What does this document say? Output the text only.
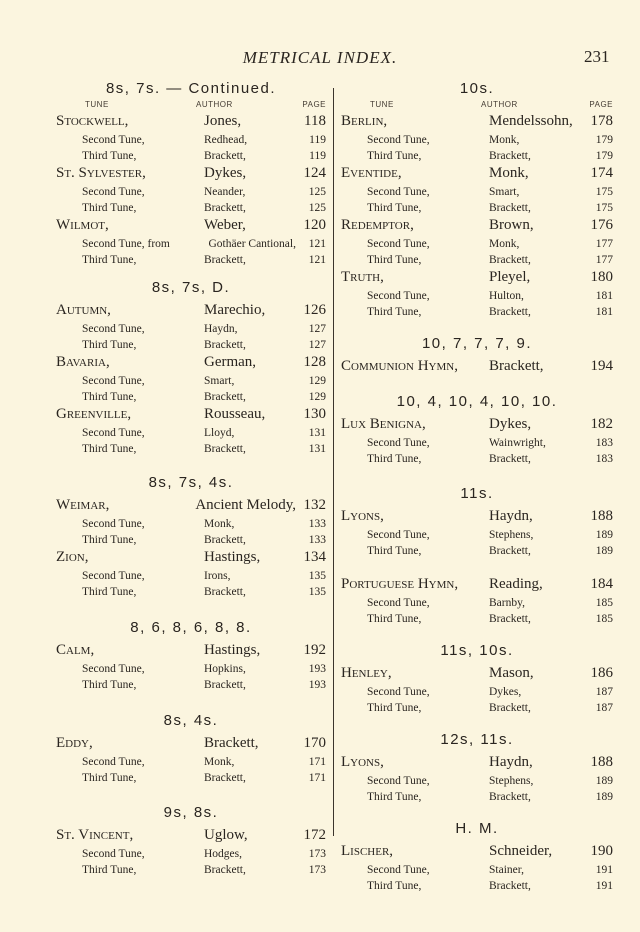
METRICAL INDEX.	231
8s, 7s. — Continued.
TUNE	AUTHOR	PAGE
Stockwell,	Jones,	118
Second Tune,	Redhead,	119
Third Tune,	Brackett,	119
St. Sylvester,	Dykes,	124
Second Tune,	Neander,	125
Third Tune,	Brackett,	125
Wilmot,	Weber,	120
Second Tune, from	Gothäer Cantional,	121
Third Tune,	Brackett,	121
8s, 7s, D.
Autumn,	Marechio,	126
Second Tune,	Haydn,	127
Third Tune,	Brackett,	127
Bavaria,	German,	128
Second Tune,	Smart,	129
Third Tune,	Brackett,	129
Greenville,	Rousseau,	130
Second Tune,	Lloyd,	131
Third Tune,	Brackett,	131
8s, 7s, 4s.
Weimar,	Ancient Melody, 132
Second Tune,	Monk,	133
Third Tune,	Brackett,	133
Zion,	Hastings,	134
Second Tune,	Irons,	135
Third Tune,	Brackett,	135
8, 6, 8, 6, 8, 8.
Calm,	Hastings,	192
Second Tune,	Hopkins,	193
Third Tune,	Brackett,	193
8s, 4s.
Eddy,	Brackett,	170
Second Tune,	Monk,	171
Third Tune,	Brackett,	171
9s, 8s.
St. Vincent,	Uglow,	172
Second Tune,	Hodges,	173
Third Tune,	Brackett,	173
10s.
TUNE	AUTHOR	PAGE
Berlin,	Mendelssohn,	178
Second Tune,	Monk,	179
Third Tune,	Brackett,	179
Eventide,	Monk,	174
Second Tune,	Smart,	175
Third Tune,	Brackett,	175
Redemptor,	Brown,	176
Second Tune,	Monk,	177
Third Tune,	Brackett,	177
Truth,	Pleyel,	180
Second Tune,	Hulton,	181
Third Tune,	Brackett,	181
10, 7, 7, 7, 9.
Communion Hymn,	Brackett,	194
10, 4, 10, 4, 10, 10.
Lux Benigna,	Dykes,	182
Second Tune,	Wainwright,	183
Third Tune,	Brackett,	183
11s.
Lyons,	Haydn,	188
Second Tune,	Stephens,	189
Third Tune,	Brackett,	189
Portuguese Hymn,	Reading,	184
Second Tune,	Barnby,	185
Third Tune,	Brackett,	185
11s, 10s.
Henley,	Mason,	186
Second Tune,	Dykes,	187
Third Tune,	Brackett,	187
12s, 11s.
Lyons,	Haydn,	188
Second Tune,	Stephens,	189
Third Tune,	Brackett,	189
H. M.
Lischer,	Schneider,	190
Second Tune,	Stainer,	191
Third Tune,	Brackett,	191
